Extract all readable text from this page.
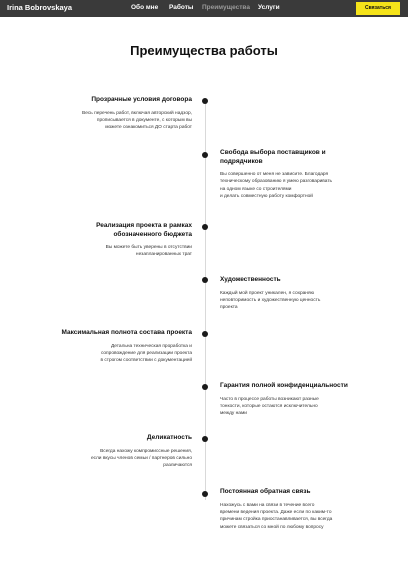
Irina Bobrovskaya	Обо мне Работы Преимущества Услуги	Связаться
Преимущества работы
Прозрачные условия договора
Весь перечень работ, включая авторский надзор,
прописывается в документе, с которым вы
можете ознакомиться ДО старта работ
Свобода выбора поставщиков и подрядчиков
Вы совершенно от меня не зависите. Благодаря
техническому образованию я умею разговаривать
на одном языке со строителями
и делать совместную работу комфортной
Реализация проекта в рамках обозначенного бюджета
Вы можете быть уверены в отсутствии
незапланированных трат
Художественность
Каждый мой проект уникален, я сохраняю
неповторимость и художественную ценность
проекта
Максимальная полнота состава проекта
Детальна техническая проработка и
сопровождение для реализации проекта
в строгом соответствии с документацией
Гарантия полной конфиденциальности
Часто в процессе работы возникают разные
тонкости, которые остаются исключительно
между нами
Деликатность
Всегда нахожу компромиссные решения,
если вкусы членов семьи / партнеров сильно
различаются
Постоянная обратная связь
Нахожусь с вами на связи в течение всего
времени ведения проекта. Даже если по каким-то
причинам стройка приостанавливается, вы всегда
можете связаться со мной по любому вопросу
